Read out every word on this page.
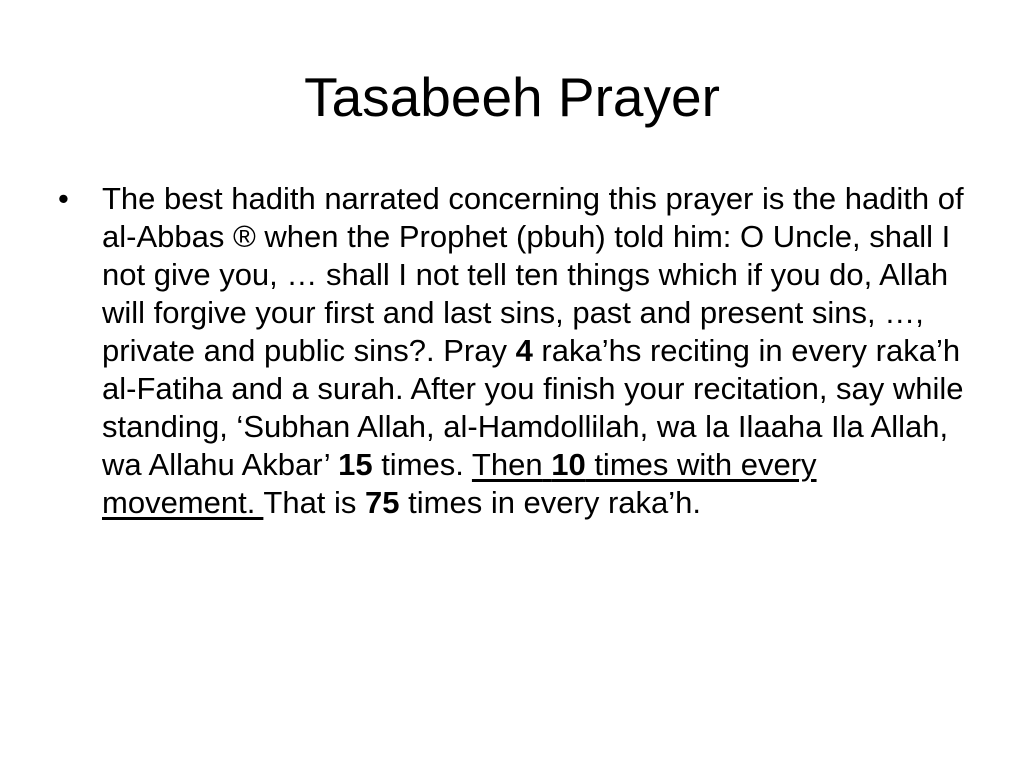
Tasabeeh Prayer
•	The best hadith narrated concerning this prayer is the hadith of al-Abbas ® when the Prophet (pbuh) told him: O Uncle, shall I not give you, … shall I not tell ten things which if you do, Allah will forgive your first and last sins, past and present sins, …, private and public sins?. Pray 4 raka’hs reciting in every raka’h al-Fatiha and a surah. After you finish your recitation, say while standing, ‘Subhan Allah, al-Hamdollilah, wa la Ilaaha Ila Allah, wa Allahu Akbar’ 15 times. Then 10 times with every movement. That is 75 times in every raka’h.
